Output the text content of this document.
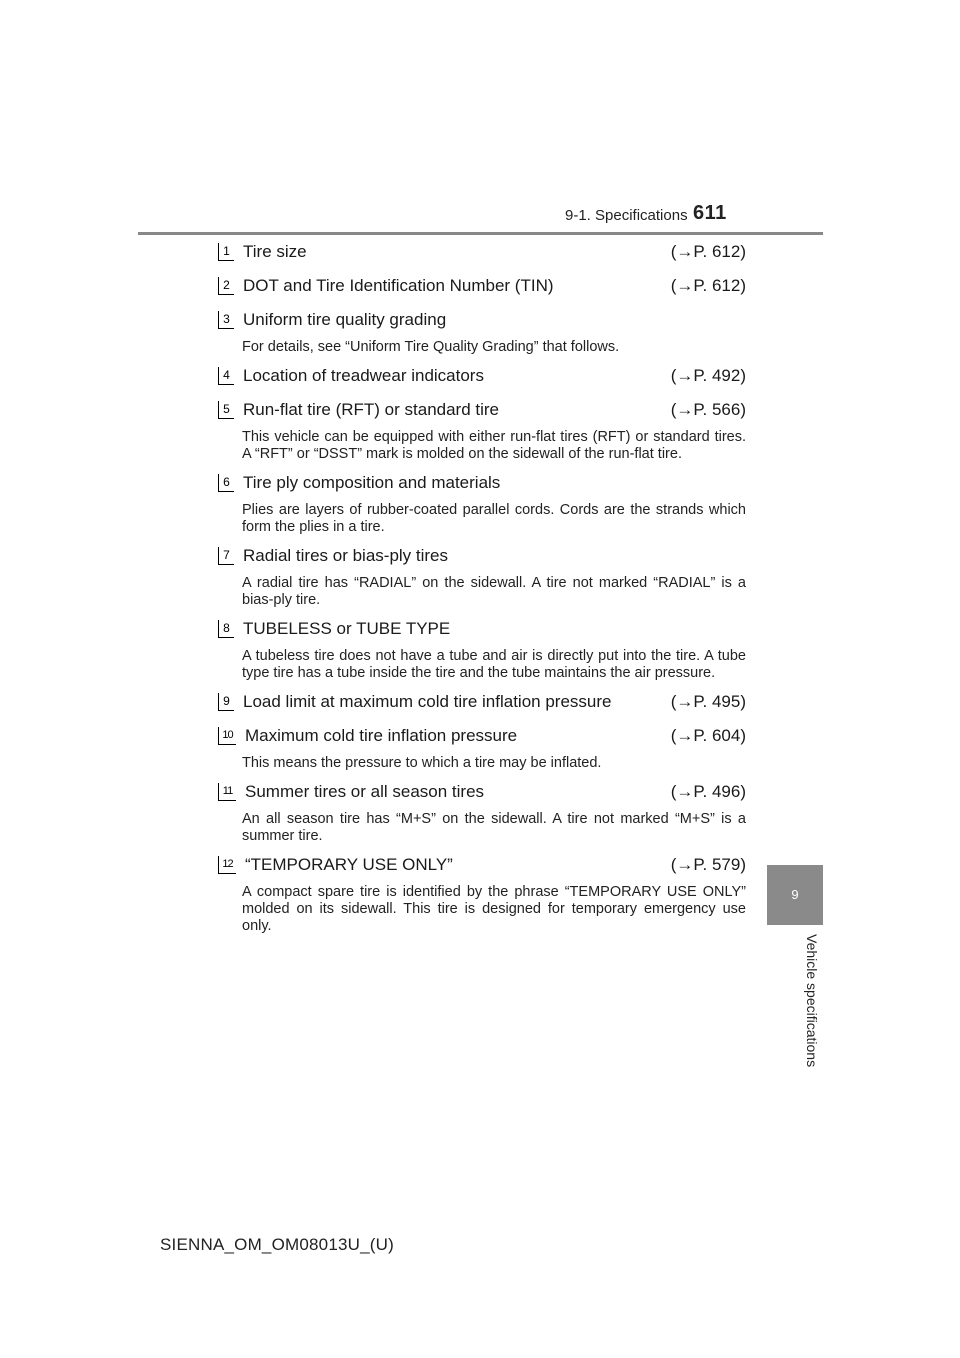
9-1. Specifications 611
9
Vehicle specifications
1 Tire size	(→P. 612)
2 DOT and Tire Identification Number (TIN)	(→P. 612)
3 Uniform tire quality grading
For details, see “Uniform Tire Quality Grading” that follows.
4 Location of treadwear indicators	(→P. 492)
5 Run-flat tire (RFT) or standard tire	(→P. 566)
This vehicle can be equipped with either run-flat tires (RFT) or standard tires. A “RFT” or “DSST” mark is molded on the sidewall of the run-flat tire.
6 Tire ply composition and materials
Plies are layers of rubber-coated parallel cords. Cords are the strands which form the plies in a tire.
7 Radial tires or bias-ply tires
A radial tire has “RADIAL” on the sidewall. A tire not marked “RADIAL” is a bias-ply tire.
8 TUBELESS or TUBE TYPE
A tubeless tire does not have a tube and air is directly put into the tire. A tube type tire has a tube inside the tire and the tube maintains the air pressure.
9 Load limit at maximum cold tire inflation pressure	(→P. 495)
10 Maximum cold tire inflation pressure	(→P. 604)
This means the pressure to which a tire may be inflated.
11 Summer tires or all season tires	(→P. 496)
An all season tire has “M+S” on the sidewall. A tire not marked “M+S” is a summer tire.
12 “TEMPORARY USE ONLY”	(→P. 579)
A compact spare tire is identified by the phrase “TEMPORARY USE ONLY” molded on its sidewall. This tire is designed for temporary emergency use only.
SIENNA_OM_OM08013U_(U)
